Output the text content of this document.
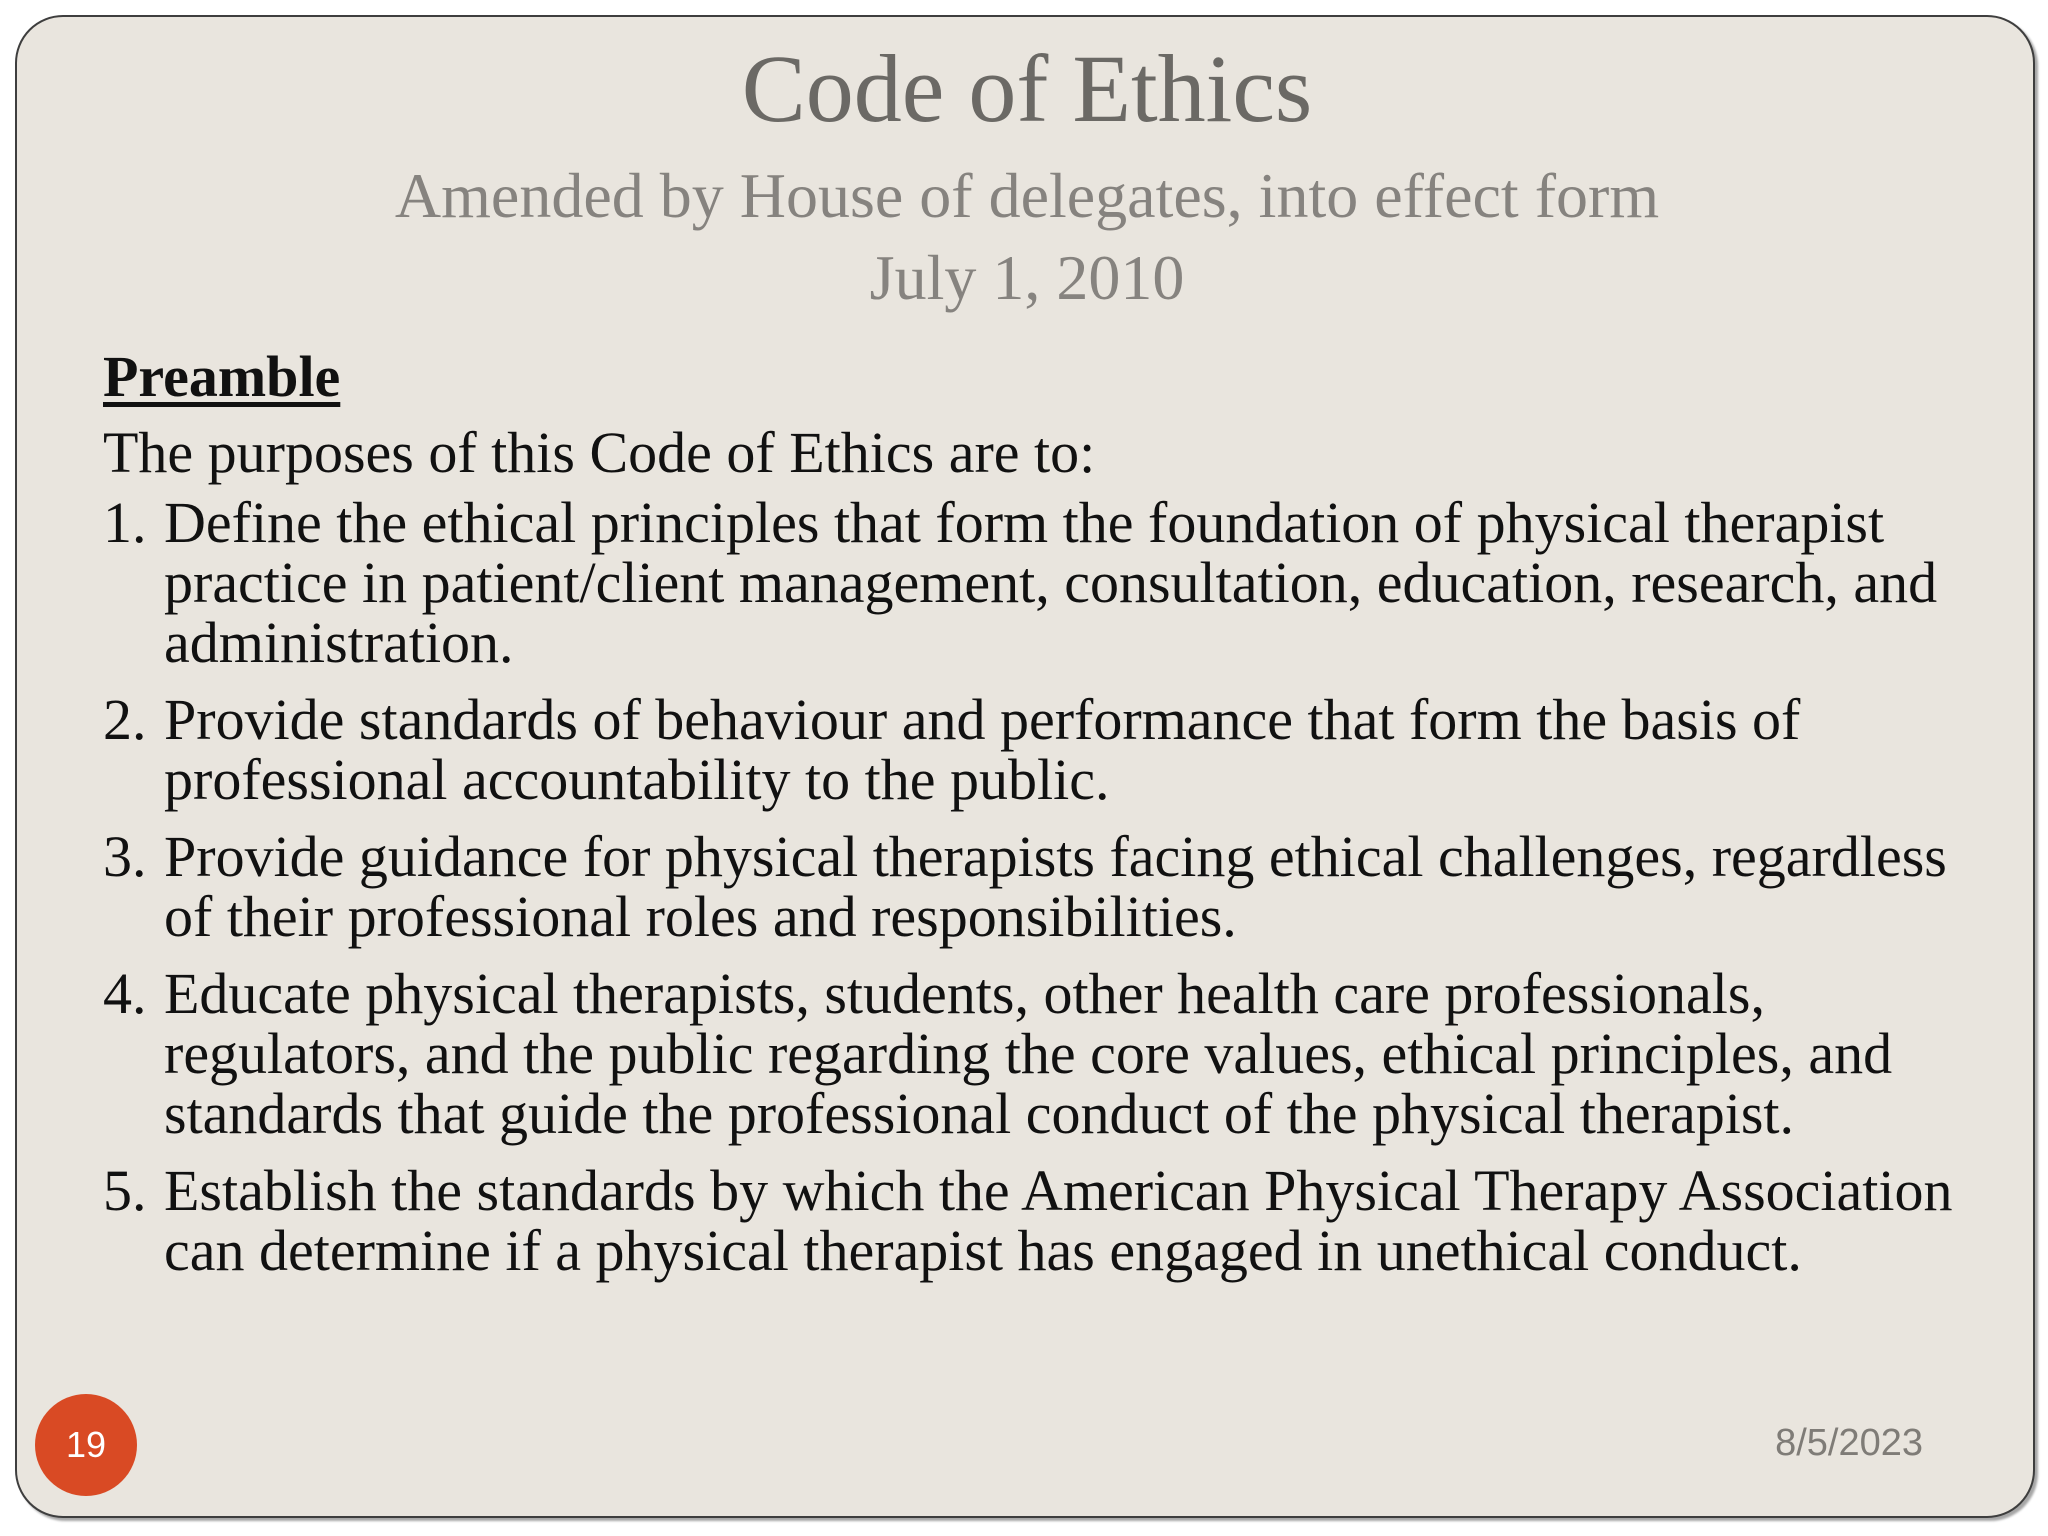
Code of Ethics
Amended by House of delegates, into effect form
July 1, 2010

Preamble

The purposes of this Code of Ethics are to:

1. Define the ethical principles that form the foundation of physical therapist practice in patient/client management, consultation, education, research, and administration.
2. Provide standards of behaviour and performance that form the basis of professional accountability to the public.
3. Provide guidance for physical therapists facing ethical challenges, regardless of their professional roles and responsibilities.
4. Educate physical therapists, students, other health care professionals, regulators, and the public regarding the core values, ethical principles, and standards that guide the professional conduct of the physical therapist.
5. Establish the standards by which the American Physical Therapy Association can determine if a physical therapist has engaged in unethical conduct.
19	8/5/2023
